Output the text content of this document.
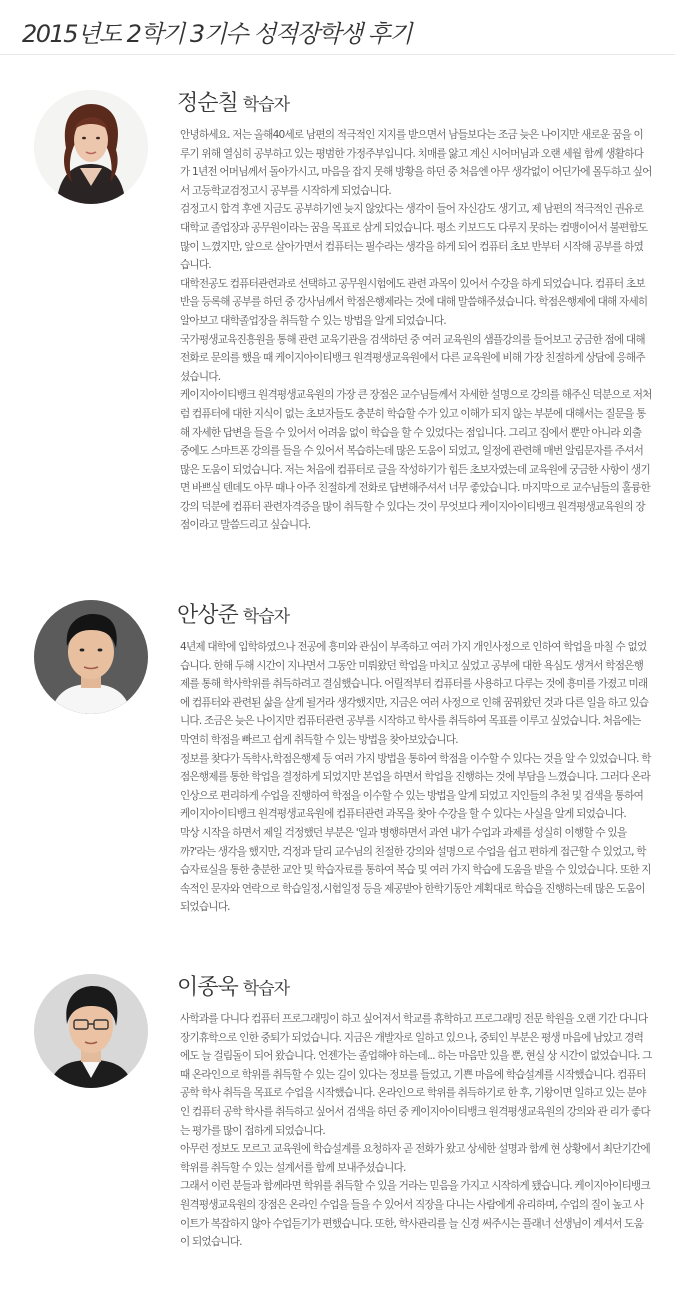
2015년도 2학기 3기수 성적장학생 후기
정순칠 학습자

안녕하세요. 저는 올해40세로 남편의 적극적인 지지를 받으면서 남들보다는 조금 늦은 나이지만 새로운 꿈을 이루기 위해 열심히 공부하고 있는 평범한 가정주부입니다. 치매를 앓고 계신 시어머님과 오랜 세월 함께 생활하다가 1년전 어머님께서 돌아가시고, 마음을 잡지 못해 방황을 하던 중 처음엔 아무 생각없이 어딘가에 몰두하고 싶어서 고등학교검정고시 공부를 시작하게 되었습니다.

검정고시 합격 후엔 지금도 공부하기엔 늦지 않았다는 생각이 들어 자신감도 생기고, 제 남편의 적극적인 권유로 대학교 졸업장과 공무원이라는 꿈을 목표로 삼게 되었습니다. 평소 키보드도 다루지 못하는 컴맹이어서 불편함도 많이 느꼈지만, 앞으로 살아가면서 컴퓨터는 필수라는 생각을 하게 되어 컴퓨터 초보 반부터 시작해 공부를 하였습니다.

대학전공도 컴퓨터관련과로 선택하고 공무원시험에도 관련 과목이 있어서 수강을 하게 되었습니다. 컴퓨터 초보 반을 등록해 공부를 하던 중 강사님께서 학점은행제라는 것에 대해 말씀해주셨습니다. 학점은행제에 대해 자세히 알아보고 대학졸업장을 취득할 수 있는 방법을 알게 되었습니다.

국가평생교육진흥원을 통해 관련 교육기관을 검색하던 중 여러 교육원의 샘플강의를 들어보고 궁금한 점에 대해 전화로 문의를 했을 때 케이지아이티뱅크 원격평생교육원에서 다른 교육원에 비해 가장 친절하게 상담에 응해주셨습니다.

케이지아이티뱅크 원격평생교육원의 가장 큰 장점은 교수님들께서 자세한 설명으로 강의를 해주신 덕분으로 저처럼 컴퓨터에 대한 지식이 없는 초보자들도 충분히 학습할 수가 있고 이해가 되지 않는 부분에 대해서는 질문을 통해 자세한 답변을 들을 수 있어서 어려움 없이 학습을 할 수 있었다는 점입니다. 그리고 집에서 뿐만 아니라 외출 중에도 스마트폰 강의를 들을 수 있어서 복습하는데 많은 도움이 되었고, 일정에 관련해 매번 알림문자를 주셔서 많은 도움이 되었습니다. 저는 처음에 컴퓨터로 글을 작성하기가 힘든 초보자였는데 교육원에 궁금한 사항이 생기면 바쁘실 텐데도 아무 때나 아주 친절하게 전화로 답변해주셔서 너무 좋았습니다. 마지막으로 교수님들의 훌륭한 강의 덕분에 컴퓨터 관련자격증을 많이 취득할 수 있다는 것이 무엇보다 케이지아이티뱅크 원격평생교육원의 장점이라고 말씀드리고 싶습니다.

안상준 학습자

4년제 대학에 입학하였으나 전공에 흥미와 관심이 부족하고 여러 가지 개인사정으로 인하여 학업을 마칠 수 없었습니다. 한해 두해 시간이 지나면서 그동안 미뤄왔던 학업을 마치고 싶었고 공부에 대한 욕심도 생겨서 학점은행제를 통해 학사학위를 취득하려고 결심했습니다. 어릴적부터 컴퓨터를 사용하고 다루는 것에 흥미를 가졌고 미래에 컴퓨터와 관련된 삶을 살게 될거라 생각했지만, 지금은 여러 사정으로 인해 꿈꿔왔던 것과 다른 일을 하고 있습니다. 조금은 늦은 나이지만 컴퓨터관련 공부를 시작하고 학사를 취득하여 목표를 이루고 싶었습니다. 처음에는 막연히 학점을 빠르고 쉽게 취득할 수 있는 방법을 찾아보았습니다.

정보를 찾다가 독학사,학점은행제 등 여러 가지 방법을 통하여 학점을 이수할 수 있다는 것을 알 수 있었습니다. 학점은행제를 통한 학업을 결정하게 되었지만 본업을 하면서 학업을 진행하는 것에 부담을 느꼈습니다. 그러다 온라인상으로 편리하게 수업을 진행하여 학점을 이수할 수 있는 방법을 알게 되었고 지인들의 추천 및 검색을 통하여 케이지아이티뱅크 원격평생교육원에 컴퓨터관련 과목을 찾아 수강을 할 수 있다는 사실을 알게 되었습니다.

막상 시작을 하면서 제일 걱정했던 부분은 '일과 병행하면서 과연 내가 수업과 과제를 성실히 이행할 수 있을까?'라는 생각을 했지만, 걱정과 달리 교수님의 친절한 강의와 설명으로 수업을 쉽고 편하게 접근할 수 있었고, 학습자료실을 통한 충분한 교안 및 학습자료를 통하여 복습 및 여러 가지 학습에 도움을 받을 수 있었습니다. 또한 지속적인 문자와 연락으로 학습일정,시험일정 등을 제공받아 한학기동안 계획대로 학습을 진행하는데 많은 도움이 되었습니다.

이종욱 학습자

사학과를 다니다 컴퓨터 프로그래밍이 하고 싶어져서 학교를 휴학하고 프로그래밍 전문 학원을 오랜 기간 다니다 장기휴학으로 인한 중퇴가 되었습니다. 지금은 개발자로 일하고 있으나, 중퇴인 부분은 평생 마음에 남았고 경력에도 늘 걸림돌이 되어 왔습니다. 언젠가는 졸업해야 하는데... 하는 마음만 있을 뿐, 현실 상 시간이 없었습니다. 그때 온라인으로 학위를 취득할 수 있는 길이 있다는 정보를 들었고, 기쁜 마음에 학습설계를 시작했습니다. 컴퓨터 공학 학사 취득을 목표로 수업을 시작했습니다. 온라인으로 학위를 취득하기로 한 후, 기왕이면 일하고 있는 분야인 컴퓨터 공학 학사를 취득하고 싶어서 검색을 하던 중 케이지아이티뱅크 원격평생교육원의 강의와 관 리가 좋다는 평가를 많이 접하게 되었습니다.

아무런 정보도 모르고 교육원에 학습설계를 요청하자 곧 전화가 왔고 상세한 설명과 함께 현 상황에서 최단기간에 학위를 취득할 수 있는 설계서를 함께 보내주셨습니다.

그래서 이런 분들과 함께라면 학위를 취득할 수 있을 거라는 믿음을 가지고 시작하게 됐습니다. 케이지아이티뱅크 원격평생교육원의 장점은 온라인 수업을 들을 수 있어서 직장을 다니는 사람에게 유리하며, 수업의 질이 높고 사이트가 복잡하지 않아 수업듣기가 편했습니다. 또한, 학사관리를 늘 신경 써주시는 플래너 선생님이 계셔서 도움이 되었습니다.
